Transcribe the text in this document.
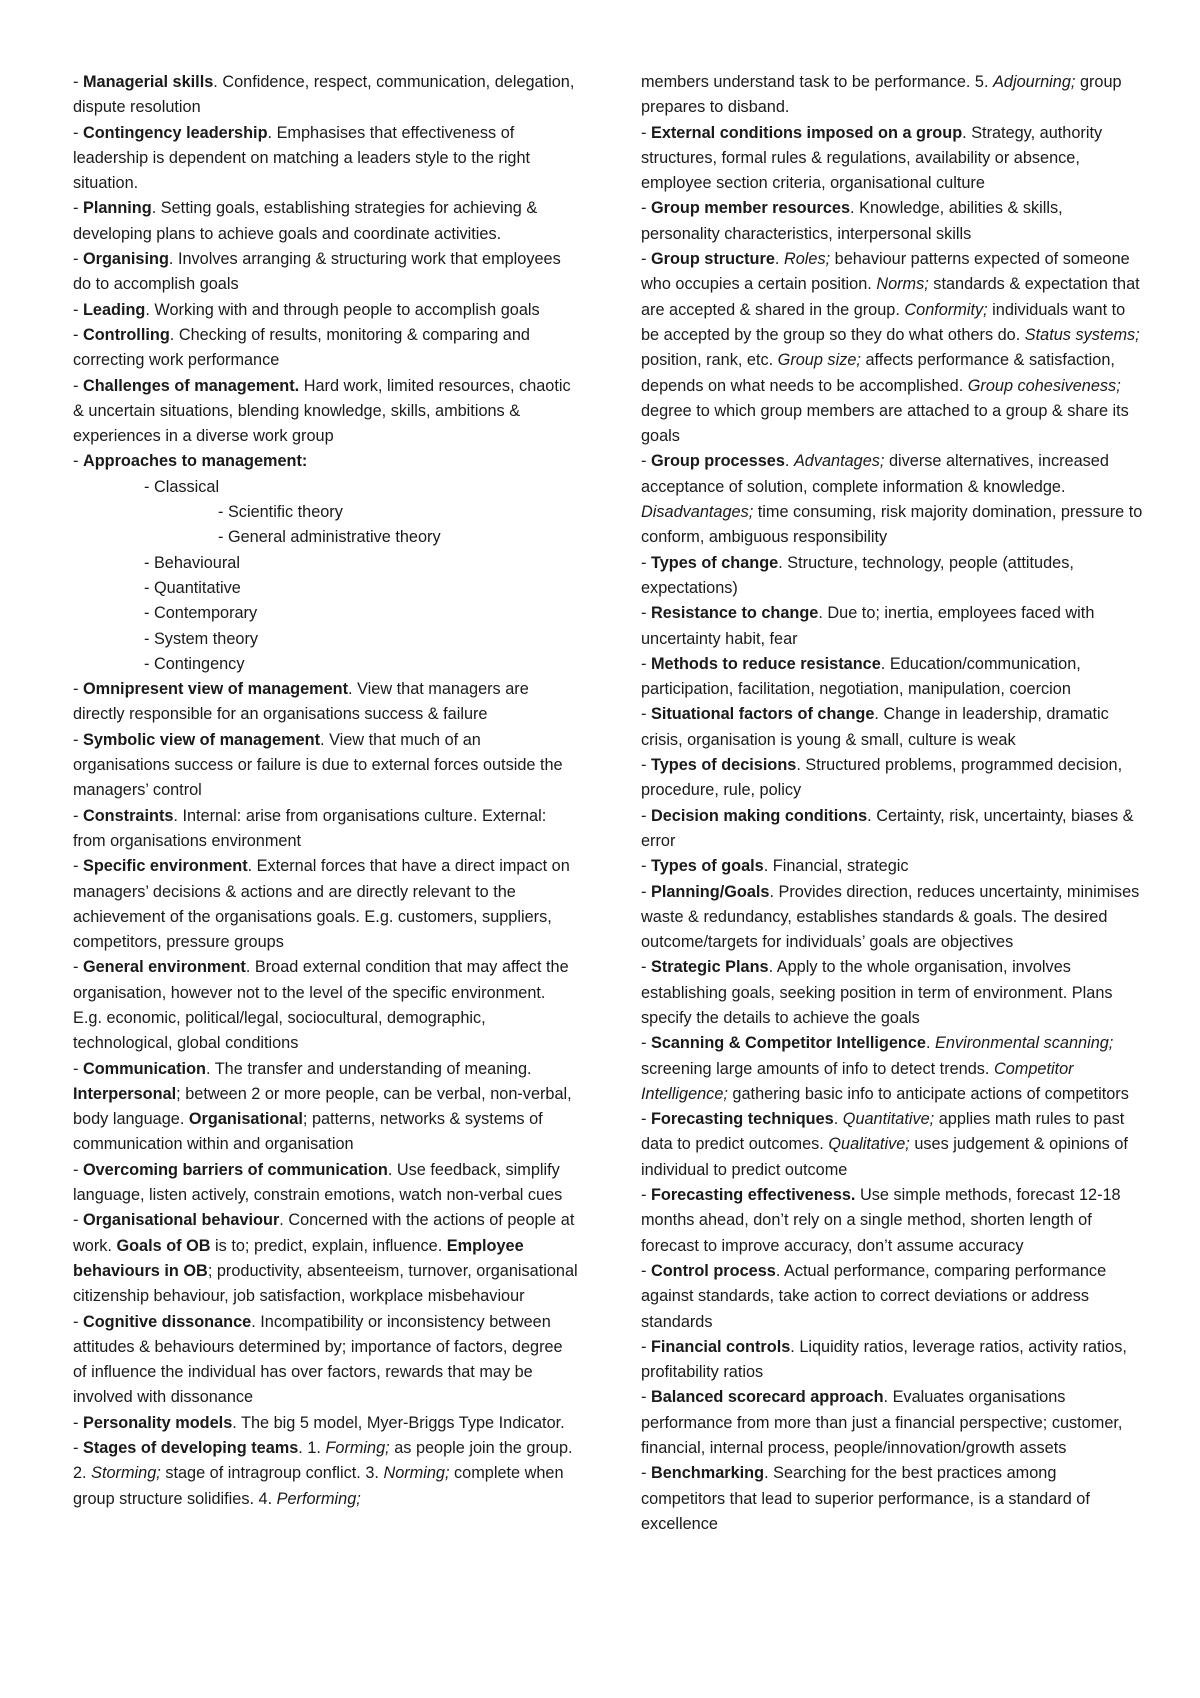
- Managerial skills. Confidence, respect, communication, delegation, dispute resolution

- Contingency leadership. Emphasises that effectiveness of leadership is dependent on matching a leaders style to the right situation.

- Planning. Setting goals, establishing strategies for achieving & developing plans to achieve goals and coordinate activities.

- Organising. Involves arranging & structuring work that employees do to accomplish goals

- Leading. Working with and through people to accomplish goals

- Controlling. Checking of results, monitoring & comparing and correcting work performance

- Challenges of management. Hard work, limited resources, chaotic & uncertain situations, blending knowledge, skills, ambitions & experiences in a diverse work group

- Approaches to management:

- Classical

- Scientific theory

- General administrative theory

- Behavioural

- Quantitative

- Contemporary

- System theory

- Contingency

- Omnipresent view of management. View that managers are directly responsible for an organisations success & failure

- Symbolic view of management. View that much of an organisations success or failure is due to external forces outside the managers’ control

- Constraints. Internal: arise from organisations culture. External: from organisations environment

- Specific environment. External forces that have a direct impact on managers’ decisions & actions and are directly relevant to the achievement of the organisations goals. E.g. customers, suppliers, competitors, pressure groups

- General environment. Broad external condition that may affect the organisation, however not to the level of the specific environment. E.g. economic, political/legal, sociocultural, demographic, technological, global conditions

- Communication. The transfer and understanding of meaning. Interpersonal; between 2 or more people, can be verbal, non-verbal, body language. Organisational; patterns, networks & systems of communication within and organisation

- Overcoming barriers of communication. Use feedback, simplify language, listen actively, constrain emotions, watch non-verbal cues

- Organisational behaviour. Concerned with the actions of people at work. Goals of OB is to; predict, explain, influence. Employee behaviours in OB; productivity, absenteeism, turnover, organisational citizenship behaviour, job satisfaction, workplace misbehaviour

- Cognitive dissonance. Incompatibility or inconsistency between attitudes & behaviours determined by; importance of factors, degree of influence the individual has over factors, rewards that may be involved with dissonance

- Personality models. The big 5 model, Myer-Briggs Type Indicator.

- Stages of developing teams. 1. Forming; as people join the group. 2. Storming; stage of intragroup conflict. 3. Norming; complete when group structure solidifies. 4. Performing;

members understand task to be performance. 5. Adjourning; group prepares to disband.

- External conditions imposed on a group. Strategy, authority structures, formal rules & regulations, availability or absence, employee section criteria, organisational culture

- Group member resources. Knowledge, abilities & skills, personality characteristics, interpersonal skills

- Group structure. Roles; behaviour patterns expected of someone who occupies a certain position. Norms; standards & expectation that are accepted & shared in the group. Conformity; individuals want to be accepted by the group so they do what others do. Status systems; position, rank, etc. Group size; affects performance & satisfaction, depends on what needs to be accomplished. Group cohesiveness; degree to which group members are attached to a group & share its goals

- Group processes. Advantages; diverse alternatives, increased acceptance of solution, complete information & knowledge. Disadvantages; time consuming, risk majority domination, pressure to conform, ambiguous responsibility

- Types of change. Structure, technology, people (attitudes, expectations)

- Resistance to change. Due to; inertia, employees faced with uncertainty habit, fear

- Methods to reduce resistance. Education/communication, participation, facilitation, negotiation, manipulation, coercion

- Situational factors of change. Change in leadership, dramatic crisis, organisation is young & small, culture is weak

- Types of decisions. Structured problems, programmed decision, procedure, rule, policy

- Decision making conditions. Certainty, risk, uncertainty, biases & error

- Types of goals. Financial, strategic

- Planning/Goals. Provides direction, reduces uncertainty, minimises waste & redundancy, establishes standards & goals. The desired outcome/targets for individuals’ goals are objectives

- Strategic Plans. Apply to the whole organisation, involves establishing goals, seeking position in term of environment. Plans specify the details to achieve the goals

- Scanning & Competitor Intelligence. Environmental scanning; screening large amounts of info to detect trends. Competitor Intelligence; gathering basic info to anticipate actions of competitors

- Forecasting techniques. Quantitative; applies math rules to past data to predict outcomes. Qualitative; uses judgement & opinions of individual to predict outcome

- Forecasting effectiveness. Use simple methods, forecast 12-18 months ahead, don’t rely on a single method, shorten length of forecast to improve accuracy, don’t assume accuracy

- Control process. Actual performance, comparing performance against standards, take action to correct deviations or address standards

- Financial controls. Liquidity ratios, leverage ratios, activity ratios, profitability ratios

- Balanced scorecard approach. Evaluates organisations performance from more than just a financial perspective; customer, financial, internal process, people/innovation/growth assets

- Benchmarking. Searching for the best practices among competitors that lead to superior performance, is a standard of excellence
